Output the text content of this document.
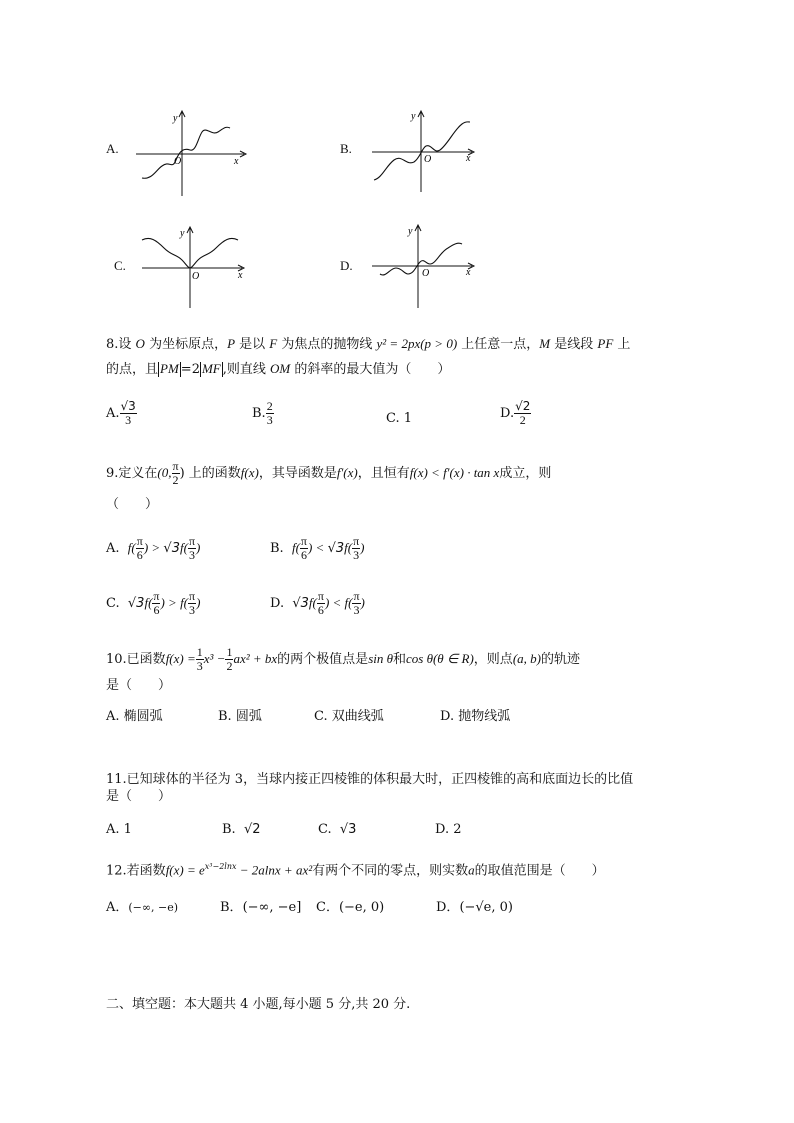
A.
y
O	x
B.
y
O	x
C.
y
O	x
D.
y
O	x
8.设 O 为坐标原点，P 是以 F 为焦点的抛物线 y² = 2px(p > 0) 上任意一点，M 是线段 PF 上
的点，且 PM =2 MF ,则直线 OM 的斜率的最大值为（　　）
A. $\frac{√3}{3}$	B. $\frac{2}{3}$	C. 1	D. $\frac{√2}{2}$
9.定义在(0, $\frac{\pi}{2}$ ) 上的函数f(x)，其导函数是f′(x)，且恒有f(x) < f′(x) · tan x成立，则
（　　）
A. $f( \frac{\pi}{6}$ ) > $√3f( \frac{\pi}{3}$ )	B. $f( \frac{\pi}{6}$ ) < $√3f( \frac{\pi}{3}$ )
C. $√3f( \frac{\pi}{6}$ ) > $f( \frac{\pi}{3}$ )	D. $√3f( \frac{\pi}{6}$ ) < $f( \frac{\pi}{3}$ )
10.已函数$f(x) = \frac{1}{3} x^3 - \frac{1}{2} ax^2$ + bx的两个极值点是sin θ和cos θ(θ ∈ R)，则点(a, b)的轨迹
是（　　）
A. 椭圆弧	B. 圆弧	C. 双曲线弧	D. 抛物线弧
11.已知球体的半径为 3，当球内接正四棱锥的体积最大时，正四棱锥的高和底面边长的比值
是（　　）
A. 1	B. √2	C. √3	D. 2
12.若函数$f(x) = e^{x^3-2lnx} - 2alnx + ax^2$有两个不同的零点，则实数a的取值范围是（　　）
A．(−∞, −e)	B．(−∞, −e] C．(−e, 0)	D．(−√e, 0)
二、填空题：本大题共 4 小题,每小题 5 分,共 20 分.
